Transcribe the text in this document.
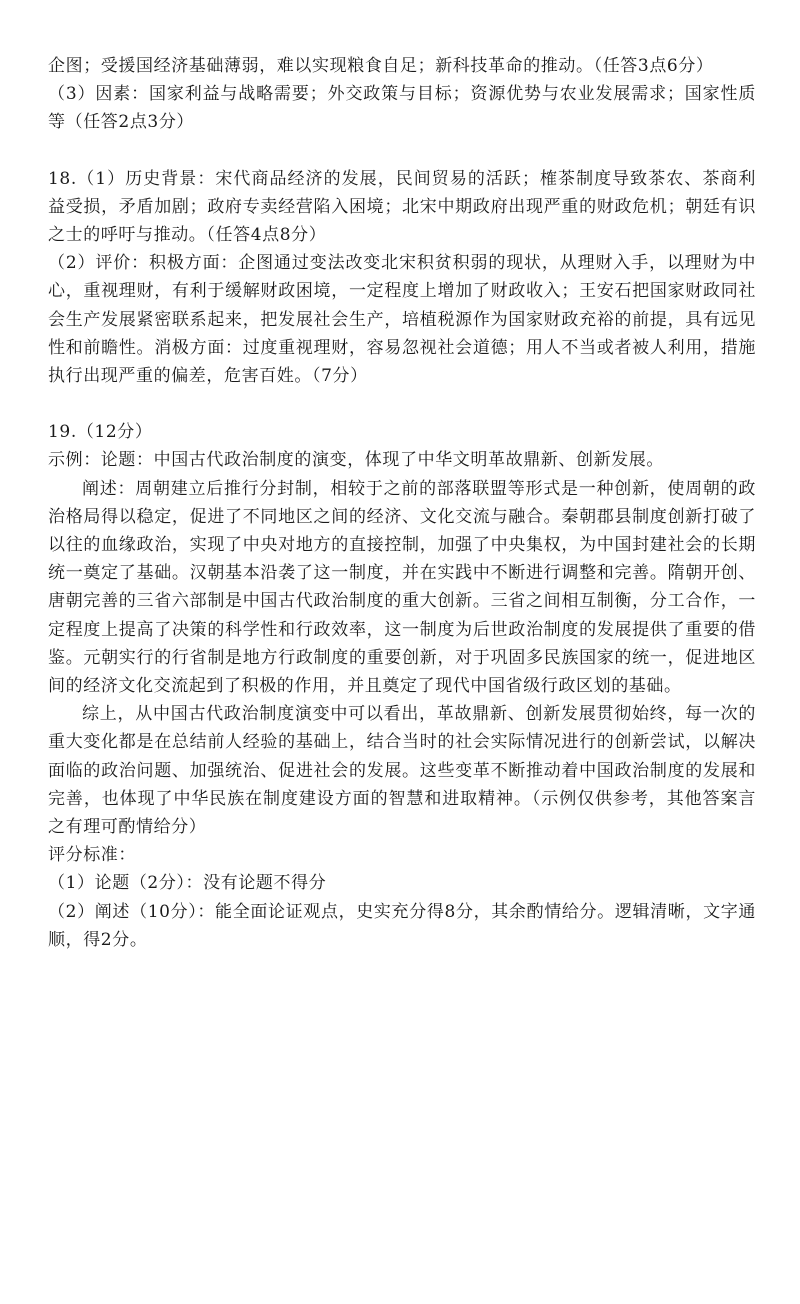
企图；受援国经济基础薄弱，难以实现粮食自足；新科技革命的推动。（任答3点6分）

（3）因素：国家利益与战略需要；外交政策与目标；资源优势与农业发展需求；国家性质等（任答2点3分）

18.（1）历史背景：宋代商品经济的发展，民间贸易的活跃；榷茶制度导致茶农、茶商利益受损，矛盾加剧；政府专卖经营陷入困境；北宋中期政府出现严重的财政危机；朝廷有识之士的呼吁与推动。（任答4点8分）

（2）评价：积极方面：企图通过变法改变北宋积贫积弱的现状，从理财入手，以理财为中心，重视理财，有利于缓解财政困境，一定程度上增加了财政收入；王安石把国家财政同社会生产发展紧密联系起来，把发展社会生产，培植税源作为国家财政充裕的前提，具有远见性和前瞻性。消极方面：过度重视理财，容易忽视社会道德；用人不当或者被人利用，措施执行出现严重的偏差，危害百姓。（7分）

19.（12分）

示例：论题：中国古代政治制度的演变，体现了中华文明革故鼎新、创新发展。

阐述：周朝建立后推行分封制，相较于之前的部落联盟等形式是一种创新，使周朝的政治格局得以稳定，促进了不同地区之间的经济、文化交流与融合。秦朝郡县制度创新打破了以往的血缘政治，实现了中央对地方的直接控制，加强了中央集权，为中国封建社会的长期统一奠定了基础。汉朝基本沿袭了这一制度，并在实践中不断进行调整和完善。隋朝开创、唐朝完善的三省六部制是中国古代政治制度的重大创新。三省之间相互制衡，分工合作，一定程度上提高了决策的科学性和行政效率，这一制度为后世政治制度的发展提供了重要的借鉴。元朝实行的行省制是地方行政制度的重要创新，对于巩固多民族国家的统一，促进地区间的经济文化交流起到了积极的作用，并且奠定了现代中国省级行政区划的基础。

综上，从中国古代政治制度演变中可以看出，革故鼎新、创新发展贯彻始终，每一次的重大变化都是在总结前人经验的基础上，结合当时的社会实际情况进行的创新尝试，以解决面临的政治问题、加强统治、促进社会的发展。这些变革不断推动着中国政治制度的发展和完善，也体现了中华民族在制度建设方面的智慧和进取精神。（示例仅供参考，其他答案言之有理可酌情给分）

评分标准：

（1）论题（2分）：没有论题不得分

（2）阐述（10分）：能全面论证观点，史实充分得8分，其余酌情给分。逻辑清晰，文字通顺，得2分。
